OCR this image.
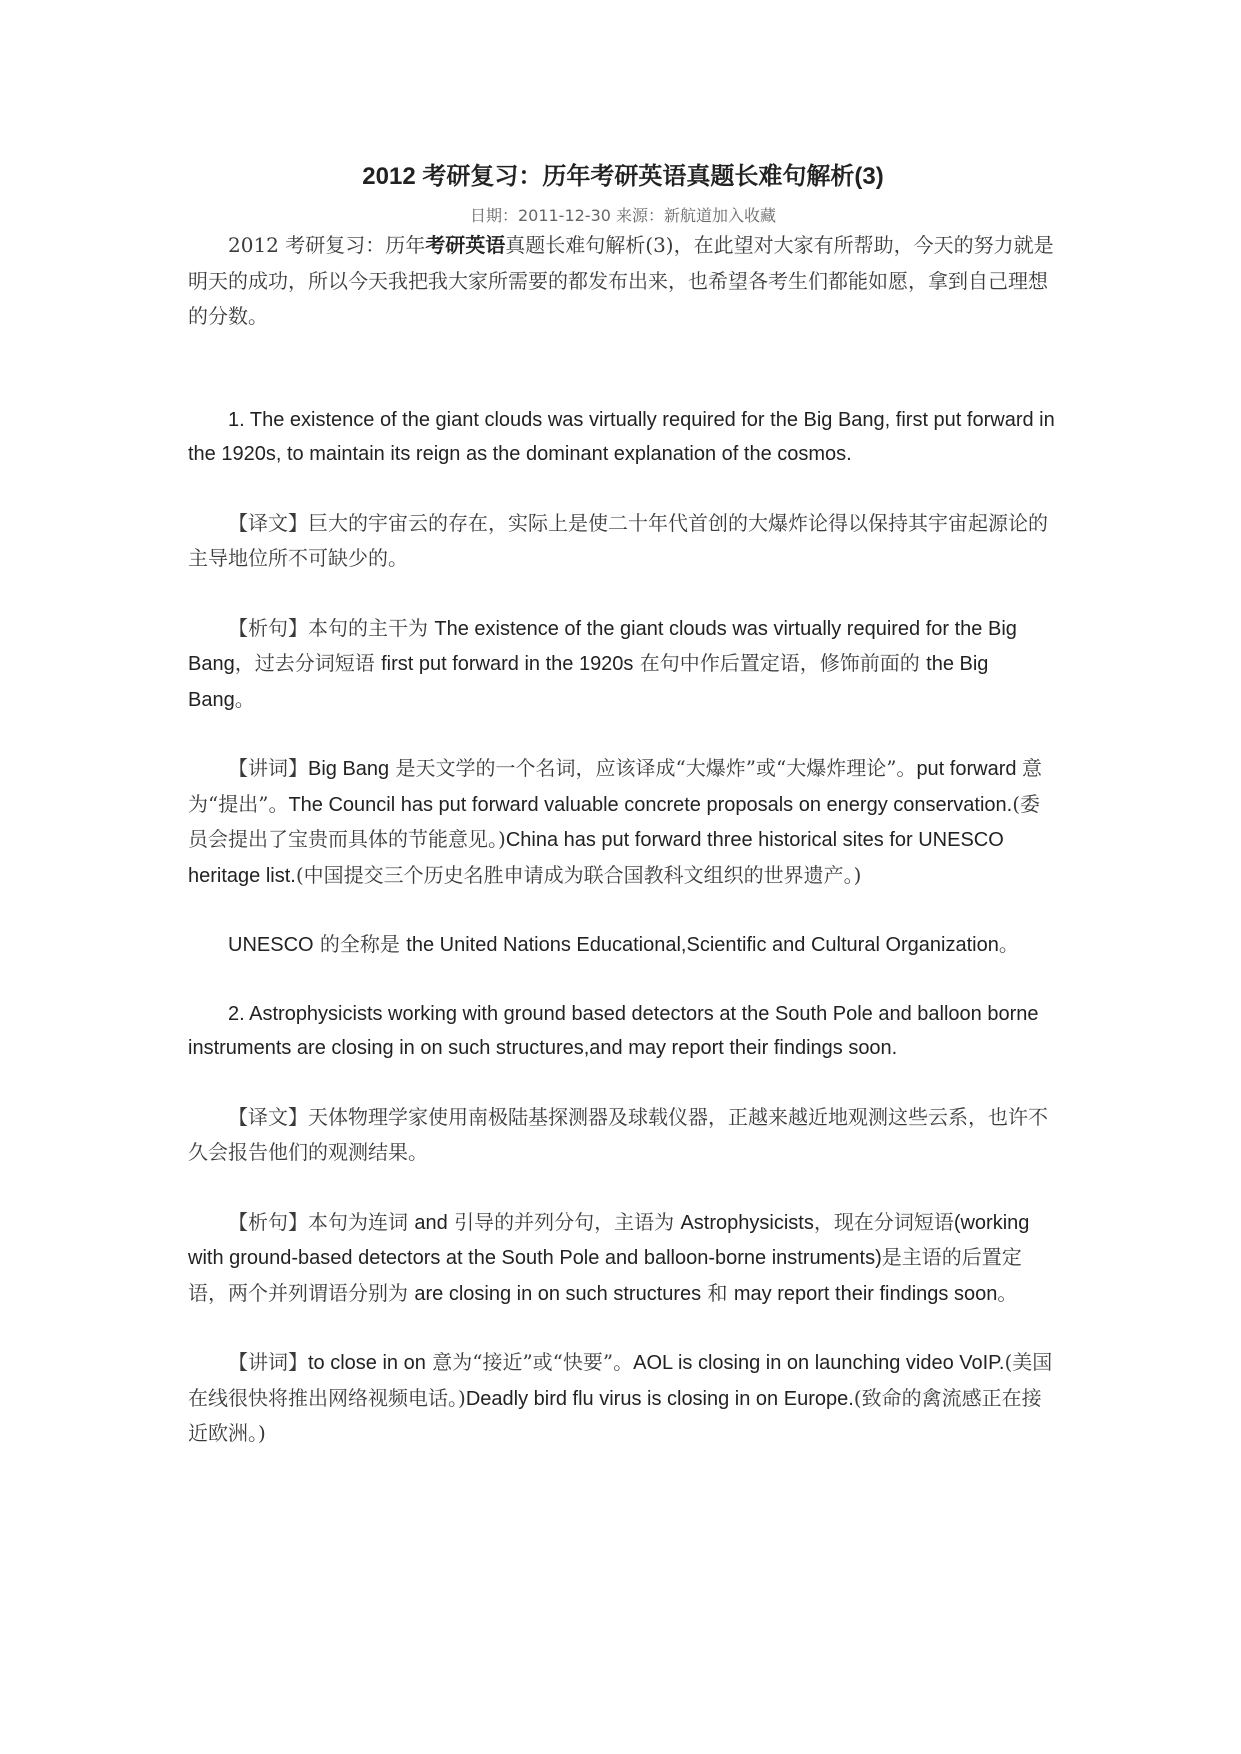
2012 考研复习：历年考研英语真题长难句解析(3)
日期：2011-12-30 来源：新航道加入收藏

2012 考研复习：历年考研英语真题长难句解析(3)，在此望对大家有所帮助，今天的努力就是明天的成功，所以今天我把我大家所需要的都发布出来，也希望各考生们都能如愿，拿到自己理想的分数。

1. The existence of the giant clouds was virtually required for the Big Bang, first put forward in the 1920s, to maintain its reign as the dominant explanation of the cosmos.

【译文】巨大的宇宙云的存在，实际上是使二十年代首创的大爆炸论得以保持其宇宙起源论的主导地位所不可缺少的。

【析句】本句的主干为 The existence of the giant clouds was virtually required for the Big Bang，过去分词短语 first put forward in the 1920s 在句中作后置定语，修饰前面的 the Big Bang。

【讲词】Big Bang 是天文学的一个名词，应该译成“大爆炸”或“大爆炸理论”。put forward 意为“提出”。The Council has put forward valuable concrete proposals on energy conservation.(委员会提出了宝贵而具体的节能意见。)China has put forward three historical sites for UNESCO heritage list.(中国提交三个历史名胜申请成为联合国教科文组织的世界遗产。)

UNESCO 的全称是 the United Nations Educational,Scientific and Cultural Organization。

2. Astrophysicists working with ground based detectors at the South Pole and balloon borne instruments are closing in on such structures,and may report their findings soon.

【译文】天体物理学家使用南极陆基探测器及球载仪器，正越来越近地观测这些云系，也许不久会报告他们的观测结果。

【析句】本句为连词 and 引导的并列分句，主语为 Astrophysicists，现在分词短语(working with ground-based detectors at the South Pole and balloon-borne instruments)是主语的后置定语，两个并列谓语分别为 are closing in on such structures 和 may report their findings soon。

【讲词】to close in on 意为“接近”或“快要”。AOL is closing in on launching video VoIP.(美国在线很快将推出网络视频电话。)Deadly bird flu virus is closing in on Europe.(致命的禽流感正在接近欧洲。)
